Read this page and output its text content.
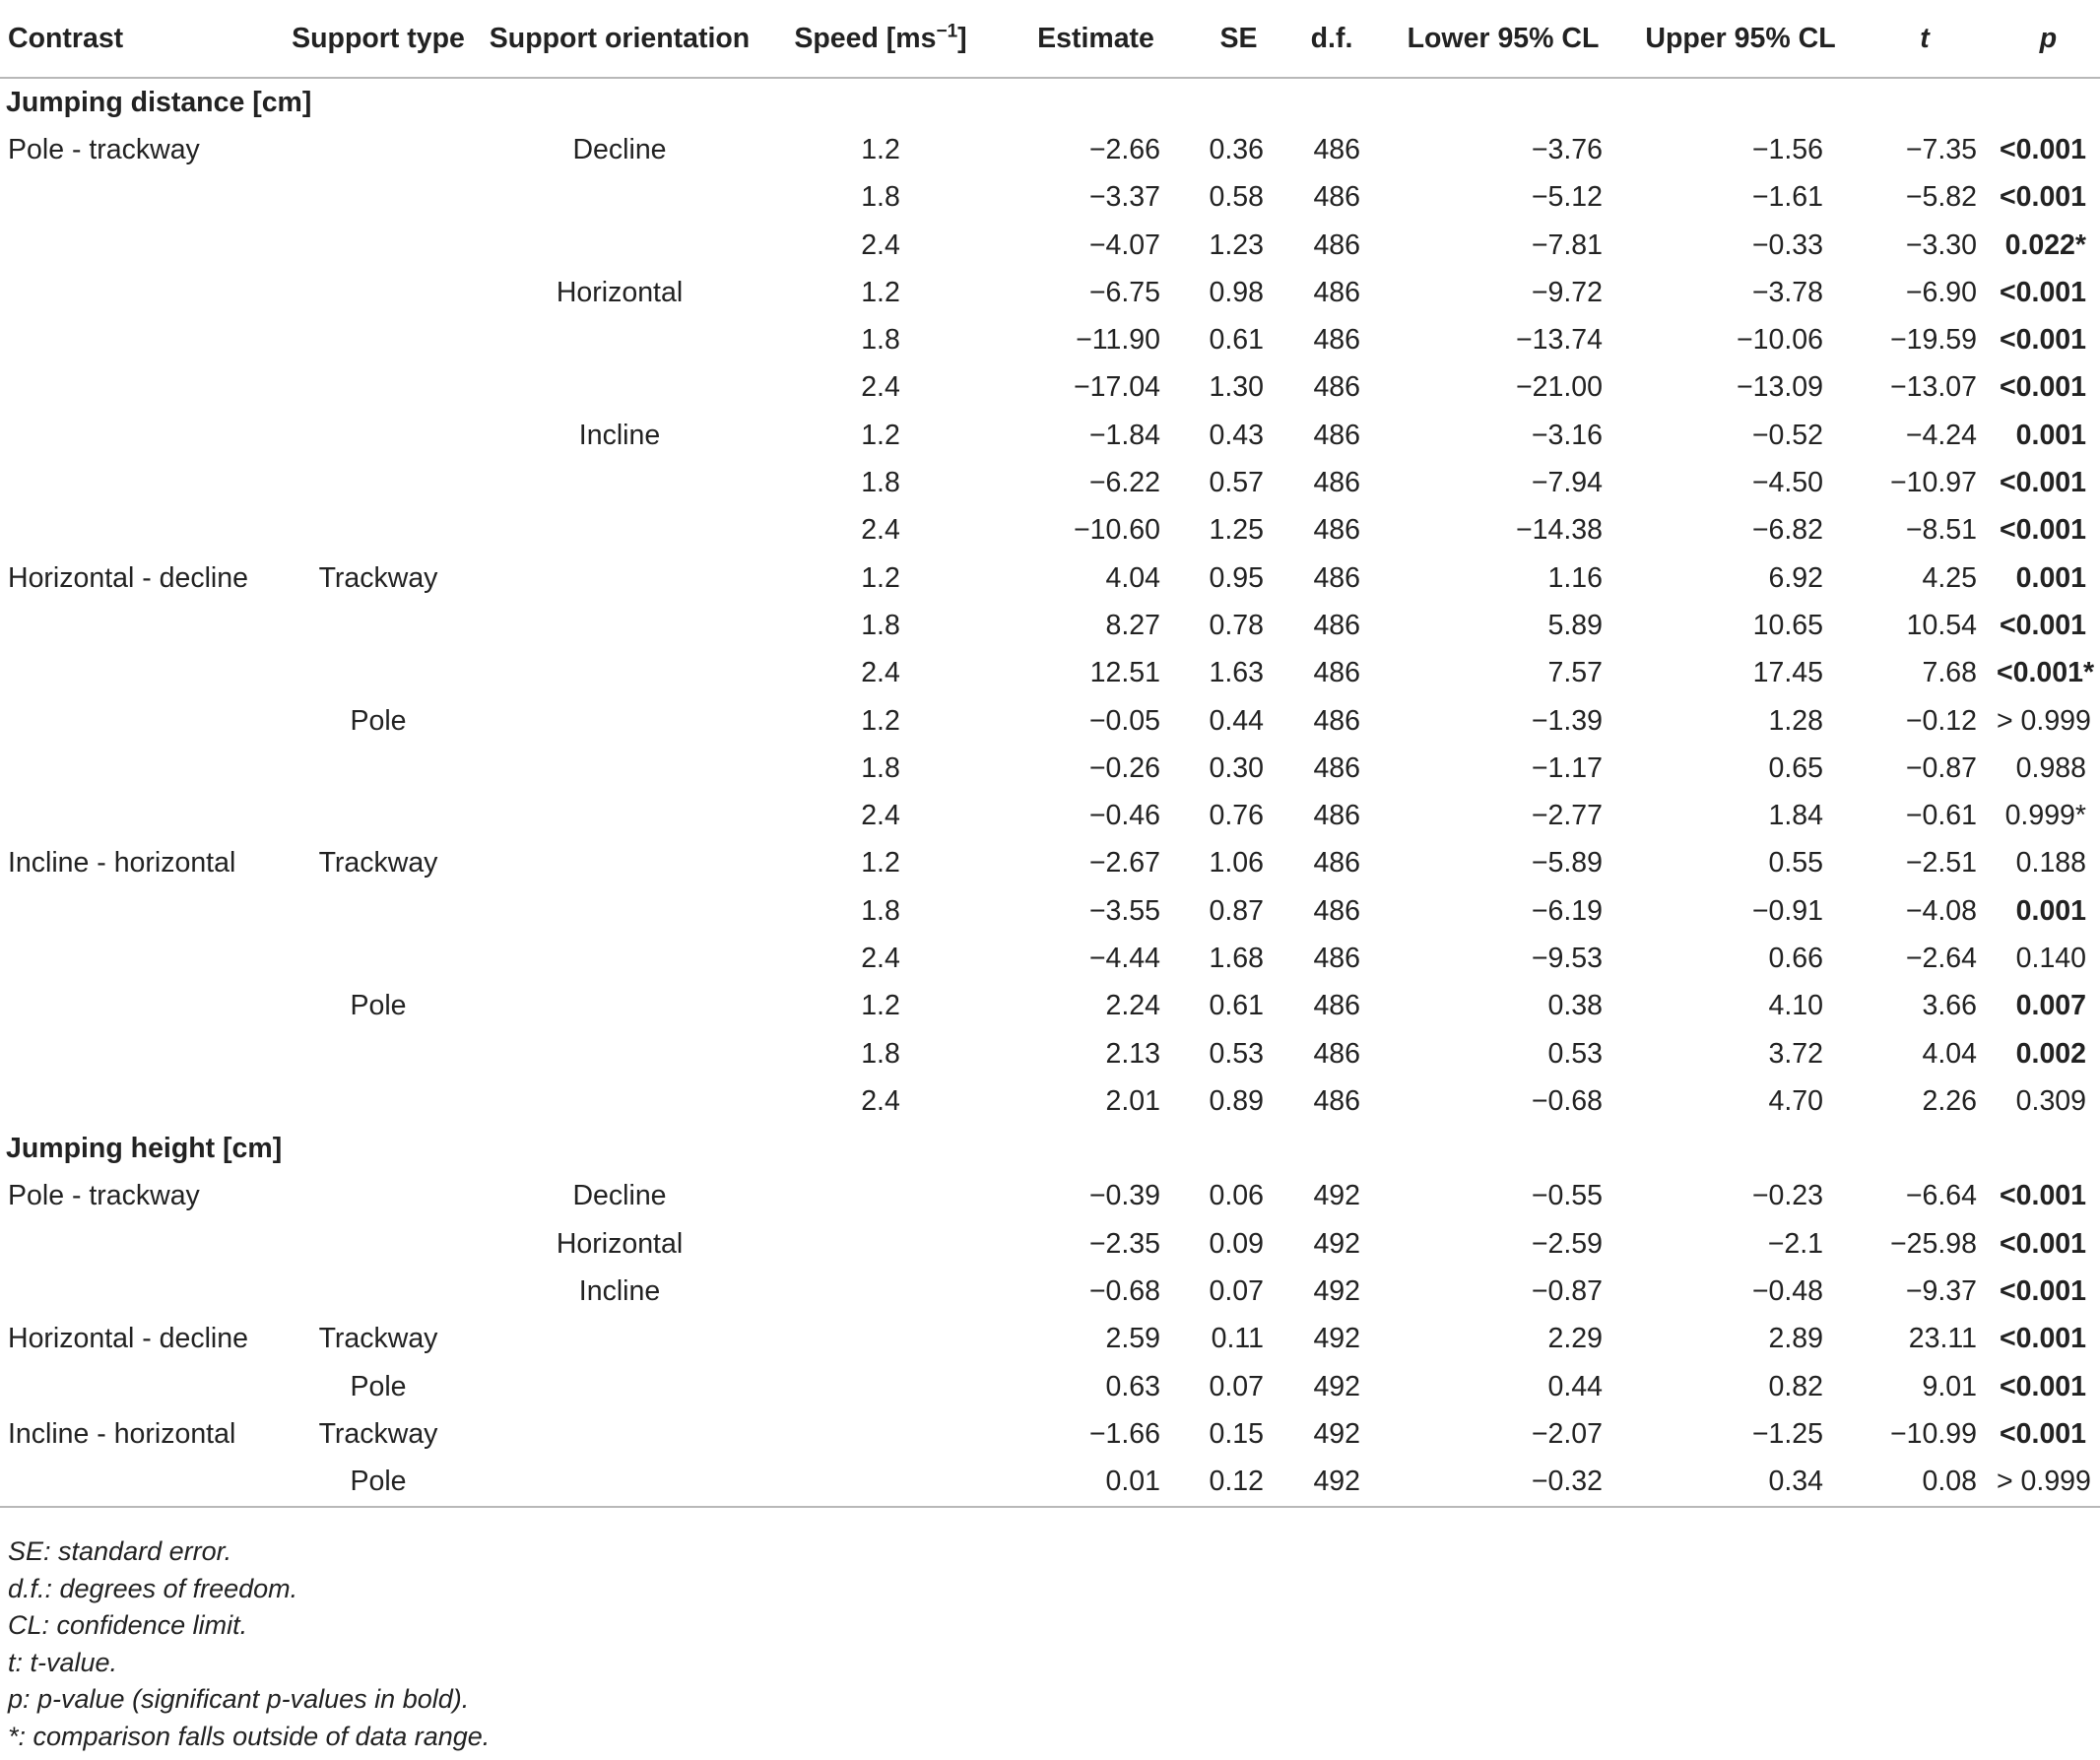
Contrast	Support type	Support orientation	Speed $[ms^{-1}]$	Estimate	SE	d.f.	Lower 95% CL	Upper 95% CL	t	p
Jumping distance [cm]										
Pole - trackway		Decline	1.2	−2.66	0.36	486	−3.76	−1.56	−7.35	<0.001
			1.8	−3.37	0.58	486	−5.12	−1.61	−5.82	<0.001
			2.4	−4.07	1.23	486	−7.81	−0.33	−3.30	0.022*
		Horizontal	1.2	−6.75	0.98	486	−9.72	−3.78	−6.90	<0.001
			1.8	−11.90	0.61	486	−13.74	−10.06	−19.59	<0.001
			2.4	−17.04	1.30	486	−21.00	−13.09	−13.07	<0.001
		Incline	1.2	−1.84	0.43	486	−3.16	−0.52	−4.24	0.001
			1.8	−6.22	0.57	486	−7.94	−4.50	−10.97	<0.001
			2.4	−10.60	1.25	486	−14.38	−6.82	−8.51	<0.001
Horizontal - decline	Trackway		1.2	4.04	0.95	486	1.16	6.92	4.25	0.001
			1.8	8.27	0.78	486	5.89	10.65	10.54	<0.001
			2.4	12.51	1.63	486	7.57	17.45	7.68	<0.001*
	Pole		1.2	−0.05	0.44	486	−1.39	1.28	−0.12	> 0.999
			1.8	−0.26	0.30	486	−1.17	0.65	−0.87	0.988
			2.4	−0.46	0.76	486	−2.77	1.84	−0.61	0.999*
Incline - horizontal	Trackway		1.2	−2.67	1.06	486	−5.89	0.55	−2.51	0.188
			1.8	−3.55	0.87	486	−6.19	−0.91	−4.08	0.001
			2.4	−4.44	1.68	486	−9.53	0.66	−2.64	0.140
	Pole		1.2	2.24	0.61	486	0.38	4.10	3.66	0.007
			1.8	2.13	0.53	486	0.53	3.72	4.04	0.002
			2.4	2.01	0.89	486	−0.68	4.70	2.26	0.309
Jumping height [cm]										
Pole - trackway		Decline		−0.39	0.06	492	−0.55	−0.23	−6.64	<0.001
		Horizontal		−2.35	0.09	492	−2.59	−2.1	−25.98	<0.001
		Incline		−0.68	0.07	492	−0.87	−0.48	−9.37	<0.001
Horizontal - decline	Trackway			2.59	0.11	492	2.29	2.89	23.11	<0.001
	Pole			0.63	0.07	492	0.44	0.82	9.01	<0.001
Incline - horizontal	Trackway			−1.66	0.15	492	−2.07	−1.25	−10.99	<0.001
	Pole			0.01	0.12	492	−0.32	0.34	0.08	> 0.999
SE: standard error.
d.f.: degrees of freedom.
CL: confidence limit.
t: t-value.
p: p-value (significant p-values in bold).
*: comparison falls outside of data range.
